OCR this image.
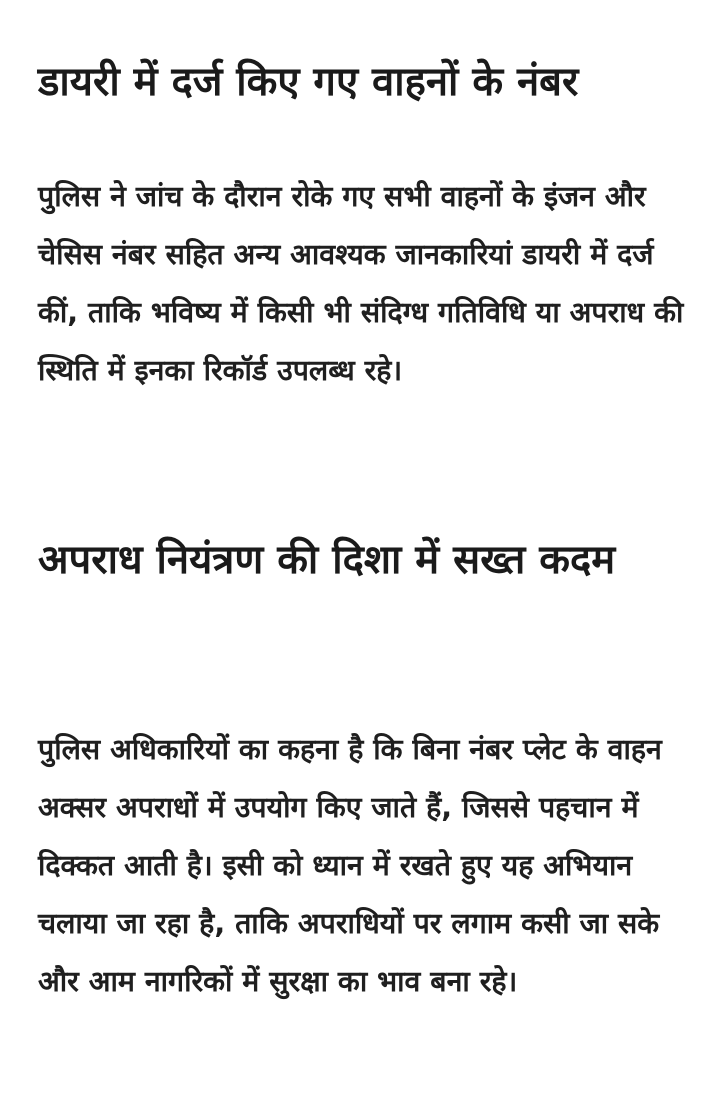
डायरी में दर्ज किए गए वाहनों के नंबर

पुलिस ने जांच के दौरान रोके गए सभी वाहनों के इंजन और चेसिस नंबर सहित अन्य आवश्यक जानकारियां डायरी में दर्ज कीं, ताकि भविष्य में किसी भी संदिग्ध गतिविधि या अपराध की स्थिति में इनका रिकॉर्ड उपलब्ध रहे।

अपराध नियंत्रण की दिशा में सख्त कदम

पुलिस अधिकारियों का कहना है कि बिना नंबर प्लेट के वाहन अक्सर अपराधों में उपयोग किए जाते हैं, जिससे पहचान में दिक्कत आती है। इसी को ध्यान में रखते हुए यह अभियान चलाया जा रहा है, ताकि अपराधियों पर लगाम कसी जा सके और आम नागरिकों में सुरक्षा का भाव बना रहे।
